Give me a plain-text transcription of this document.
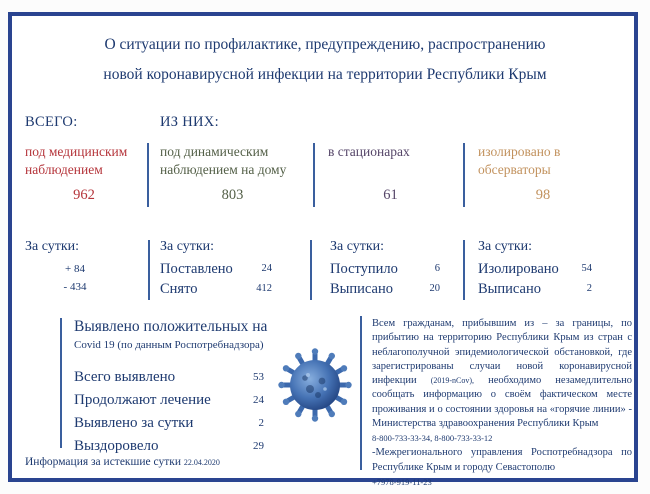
О ситуации по профилактике, предупреждению, распространению
новой коронавирусной инфекции на территории Республики Крым
ВСЕГО:	ИЗ НИХ:
под медицинским наблюдением
962
под динамическим наблюдением на дому
803
в стационарах
61
изолировано в обсерваторы
98
За сутки:
+ 84
- 434
За сутки:
Поставлено	24
Снято	412
За сутки:
Поступило	6
Выписано	20
За сутки:
Изолировано 54
Выписано	2
Выявлено положительных на
Covid 19 (по данным Роспотребнадзора)
Всего выявлено	53
Продолжают лечение	24
Выявлено за сутки	2
Выздоровело	29
Всем гражданам, прибывшим из – за границы, по прибытию на территорию Республики Крым из стран с неблагополучной эпидемиологической обстановкой, где зарегистрированы случаи новой коронавирусной инфекции (2019-nCov), необходимо незамедлительно сообщать информацию о своём фактическом месте проживания и о состоянии здоровья на «горячие линии» - Министерства здравоохранения Республики Крым
8-800-733-33-34, 8-800-733-33-12
-Межрегионального управления Роспотребнадзора по Республике Крым и городу Севастополю
+7978-919-11-23
Информация за истекшие сутки 22.04.2020
